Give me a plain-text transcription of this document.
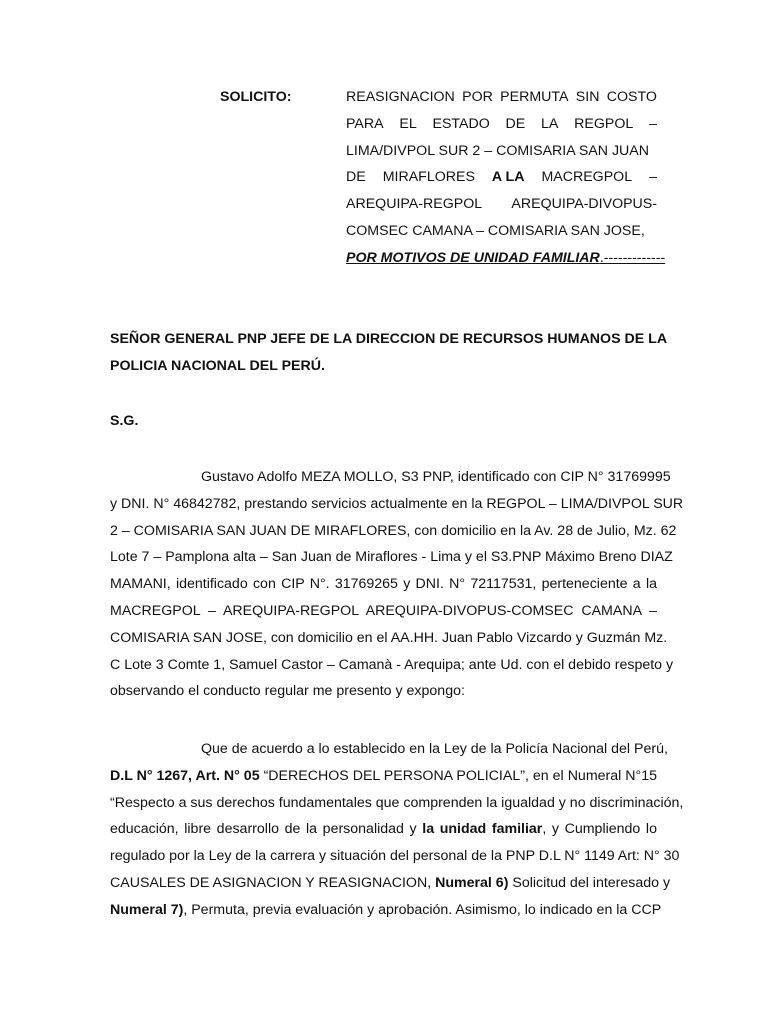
SOLICITO:	REASIGNACION POR PERMUTA SIN COSTO
PARA EL ESTADO DE LA REGPOL –
LIMA/DIVPOL SUR 2 – COMISARIA SAN JUAN
DE MIRAFLORES A LA MACREGPOL –
AREQUIPA-REGPOL AREQUIPA-DIVOPUS-
COMSEC CAMANA – COMISARIA SAN JOSE,
POR MOTIVOS DE UNIDAD FAMILIAR .-------------
SEÑOR GENERAL PNP JEFE DE LA DIRECCION DE RECURSOS HUMANOS DE LA
POLICIA NACIONAL DEL PERÚ.
S.G.
Gustavo Adolfo MEZA MOLLO, S3 PNP, identificado con CIP N° 31769995
y DNI. N° 46842782, prestando servicios actualmente en la REGPOL – LIMA/DIVPOL SUR
2 – COMISARIA SAN JUAN DE MIRAFLORES, con domicilio en la Av. 28 de Julio, Mz. 62
Lote 7 – Pamplona alta – San Juan de Miraflores - Lima y el S3.PNP Máximo Breno DIAZ
MAMANI, identificado con CIP N°. 31769265 y DNI. N° 72117531, perteneciente a la
MACREGPOL – AREQUIPA-REGPOL AREQUIPA-DIVOPUS-COMSEC CAMANA –
COMISARIA SAN JOSE, con domicilio en el AA.HH. Juan Pablo Vizcardo y Guzmán Mz.
C Lote 3 Comte 1, Samuel Castor – Camanà - Arequipa; ante Ud. con el debido respeto y
observando el conducto regular me presento y expongo:
Que de acuerdo a lo establecido en la Ley de la Policía Nacional del Perú,
D.L N° 1267, Art. N° 05 “DERECHOS DEL PERSONA POLICIAL”, en el Numeral N°15
“Respecto a sus derechos fundamentales que comprenden la igualdad y no discriminación,
educación, libre desarrollo de la personalidad y la unidad familiar , y Cumpliendo lo
regulado por la Ley de la carrera y situación del personal de la PNP D.L N° 1149 Art: N° 30
CAUSALES DE ASIGNACION Y REASIGNACION, Numeral 6) Solicitud del interesado y
Numeral 7) , Permuta, previa evaluación y aprobación. Asimismo, lo indicado en la CCP
